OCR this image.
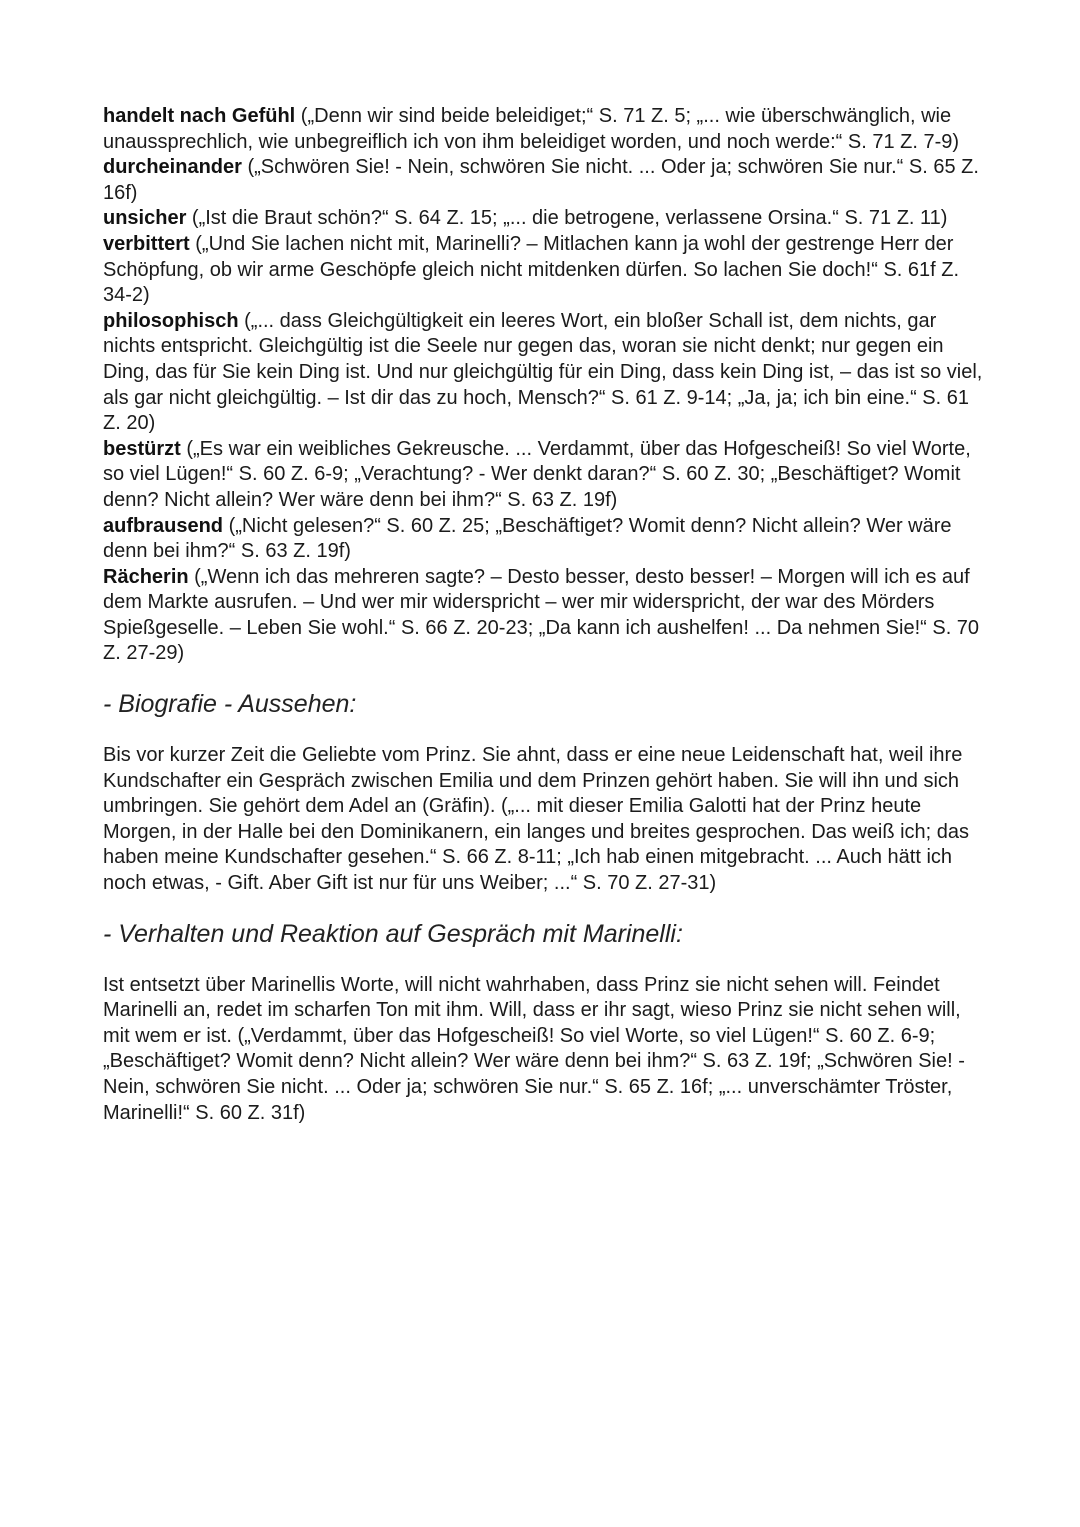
handelt nach Gefühl („Denn wir sind beide beleidiget;“ S. 71 Z. 5; „... wie überschwänglich, wie unaussprechlich, wie unbegreiflich ich von ihm beleidiget worden, und noch werde:“ S. 71 Z. 7-9)

durcheinander („Schwören Sie! - Nein, schwören Sie nicht. ... Oder ja; schwören Sie nur.“ S. 65 Z. 16f)

unsicher („Ist die Braut schön?“ S. 64 Z. 15; „... die betrogene, verlassene Orsina.“ S. 71 Z. 11)

verbittert („Und Sie lachen nicht mit, Marinelli? – Mitlachen kann ja wohl der gestrenge Herr der Schöpfung, ob wir arme Geschöpfe gleich nicht mitdenken dürfen. So lachen Sie doch!“ S. 61f Z. 34-2)

philosophisch („... dass Gleichgültigkeit ein leeres Wort, ein bloßer Schall ist, dem nichts, gar nichts entspricht. Gleichgültig ist die Seele nur gegen das, woran sie nicht denkt; nur gegen ein Ding, das für Sie kein Ding ist. Und nur gleichgültig für ein Ding, dass kein Ding ist, – das ist so viel, als gar nicht gleichgültig. – Ist dir das zu hoch, Mensch?“ S. 61 Z. 9-14; „Ja, ja; ich bin eine.“ S. 61 Z. 20)

bestürzt („Es war ein weibliches Gekreusche. ... Verdammt, über das Hofgescheiß! So viel Worte, so viel Lügen!“ S. 60 Z. 6-9; „Verachtung? - Wer denkt daran?“ S. 60 Z. 30; „Beschäftiget? Womit denn? Nicht allein? Wer wäre denn bei ihm?“ S. 63 Z. 19f)

aufbrausend („Nicht gelesen?“ S. 60 Z. 25; „Beschäftiget? Womit denn? Nicht allein? Wer wäre denn bei ihm?“ S. 63 Z. 19f)

Rächerin („Wenn ich das mehreren sagte? – Desto besser, desto besser! – Morgen will ich es auf dem Markte ausrufen. – Und wer mir widerspricht – wer mir widerspricht, der war des Mörders Spießgeselle. – Leben Sie wohl.“ S. 66 Z. 20-23; „Da kann ich aushelfen! ... Da nehmen Sie!“ S. 70 Z. 27-29)

- Biografie - Aussehen:

Bis vor kurzer Zeit die Geliebte vom Prinz. Sie ahnt, dass er eine neue Leidenschaft hat, weil ihre Kundschafter ein Gespräch zwischen Emilia und dem Prinzen gehört haben. Sie will ihn und sich umbringen. Sie gehört dem Adel an (Gräfin). („... mit dieser Emilia Galotti hat der Prinz heute Morgen, in der Halle bei den Dominikanern, ein langes und breites gesprochen. Das weiß ich; das haben meine Kundschafter gesehen.“ S. 66 Z. 8-11; „Ich hab einen mitgebracht. ... Auch hätt ich noch etwas, - Gift. Aber Gift ist nur für uns Weiber; ...“ S. 70 Z. 27-31)

- Verhalten und Reaktion auf Gespräch mit Marinelli:

Ist entsetzt über Marinellis Worte, will nicht wahrhaben, dass Prinz sie nicht sehen will. Feindet Marinelli an, redet im scharfen Ton mit ihm. Will, dass er ihr sagt, wieso Prinz sie nicht sehen will, mit wem er ist. („Verdammt, über das Hofgescheiß! So viel Worte, so viel Lügen!“ S. 60 Z. 6-9; „Beschäftiget? Womit denn? Nicht allein? Wer wäre denn bei ihm?“ S. 63 Z. 19f; „Schwören Sie! - Nein, schwören Sie nicht. ... Oder ja; schwören Sie nur.“ S. 65 Z. 16f; „... unverschämter Tröster, Marinelli!“ S. 60 Z. 31f)
